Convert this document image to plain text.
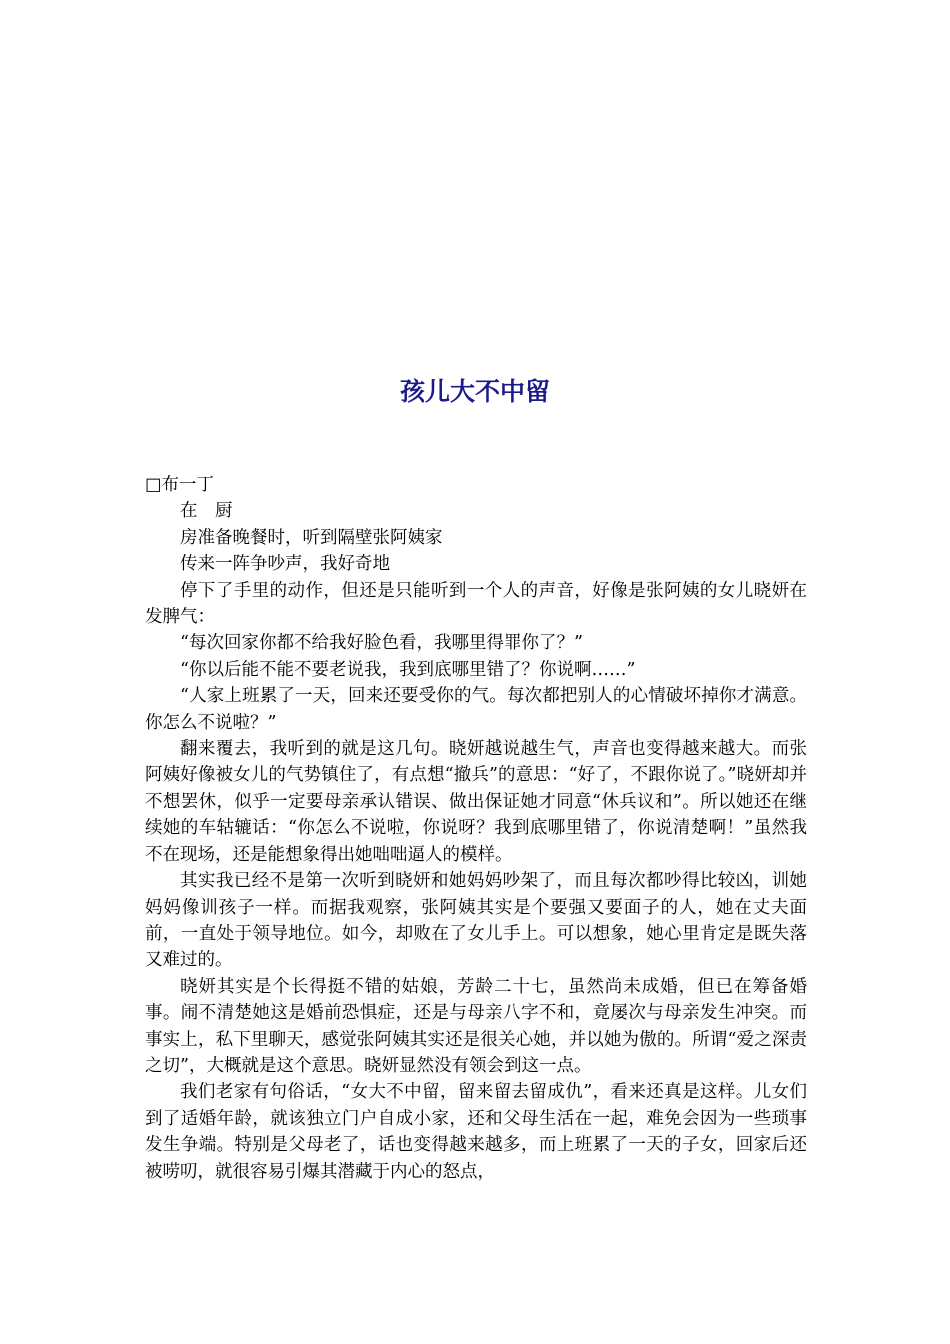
孩儿大不中留

□布一丁

在　厨

房准备晚餐时，听到隔壁张阿姨家

传来一阵争吵声，我好奇地

停下了手里的动作，但还是只能听到一个人的声音，好像是张阿姨的女儿晓妍在发脾气：

“每次回家你都不给我好脸色看，我哪里得罪你了？”

“你以后能不能不要老说我，我到底哪里错了？你说啊……”

“人家上班累了一天，回来还要受你的气。每次都把别人的心情破坏掉你才满意。你怎么不说啦？”

翻来覆去，我听到的就是这几句。晓妍越说越生气，声音也变得越来越大。而张阿姨好像被女儿的气势镇住了，有点想“撤兵”的意思：“好了，不跟你说了。”晓妍却并不想罢休，似乎一定要母亲承认错误、做出保证她才同意“休兵议和”。所以她还在继续她的车轱辘话：“你怎么不说啦，你说呀？我到底哪里错了，你说清楚啊！”虽然我不在现场，还是能想象得出她咄咄逼人的模样。

其实我已经不是第一次听到晓妍和她妈妈吵架了，而且每次都吵得比较凶，训她妈妈像训孩子一样。而据我观察，张阿姨其实是个要强又要面子的人，她在丈夫面前，一直处于领导地位。如今，却败在了女儿手上。可以想象，她心里肯定是既失落又难过的。

晓妍其实是个长得挺不错的姑娘，芳龄二十七，虽然尚未成婚，但已在筹备婚事。闹不清楚她这是婚前恐惧症，还是与母亲八字不和，竟屡次与母亲发生冲突。而事实上，私下里聊天，感觉张阿姨其实还是很关心她，并以她为傲的。所谓“爱之深责之切”，大概就是这个意思。晓妍显然没有领会到这一点。

我们老家有句俗话，“女大不中留，留来留去留成仇”，看来还真是这样。儿女们到了适婚年龄，就该独立门户自成小家，还和父母生活在一起，难免会因为一些琐事发生争端。特别是父母老了，话也变得越来越多，而上班累了一天的子女，回家后还被唠叨，就很容易引爆其潜藏于内心的怒点，
